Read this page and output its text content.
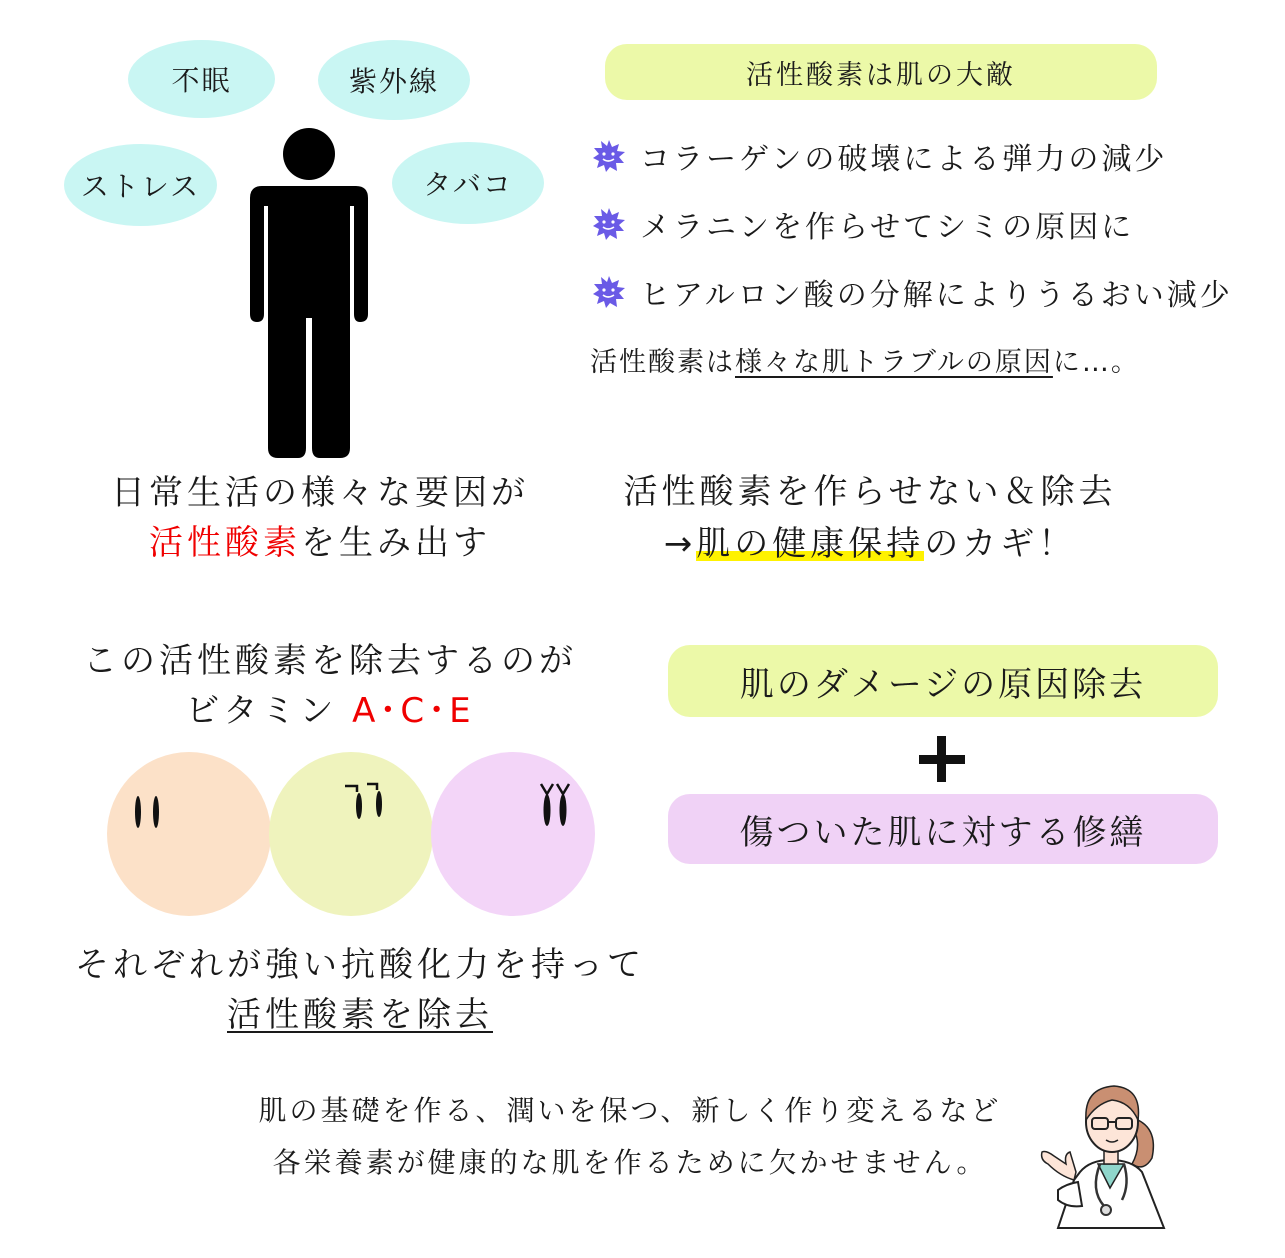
不眠	紫外線
ストレス	タバコ
日常生活の様々な要因が
活性酸素を生み出す
活性酸素は肌の大敵
コラーゲンの破壊による弾力の減少
メラニンを作らせてシミの原因に
ヒアルロン酸の分解によりうるおい減少
活性酸素は様々な肌トラブルの原因に…。
活性酸素を作らせない＆除去
→肌の健康保持のカギ！
この活性酸素を除去するのが
ビタミン A･C･E
それぞれが強い抗酸化力を持って
活性酸素を除去
肌のダメージの原因除去
傷ついた肌に対する修繕
肌の基礎を作る、潤いを保つ、新しく作り変えるなど
各栄養素が健康的な肌を作るために欠かせません。
